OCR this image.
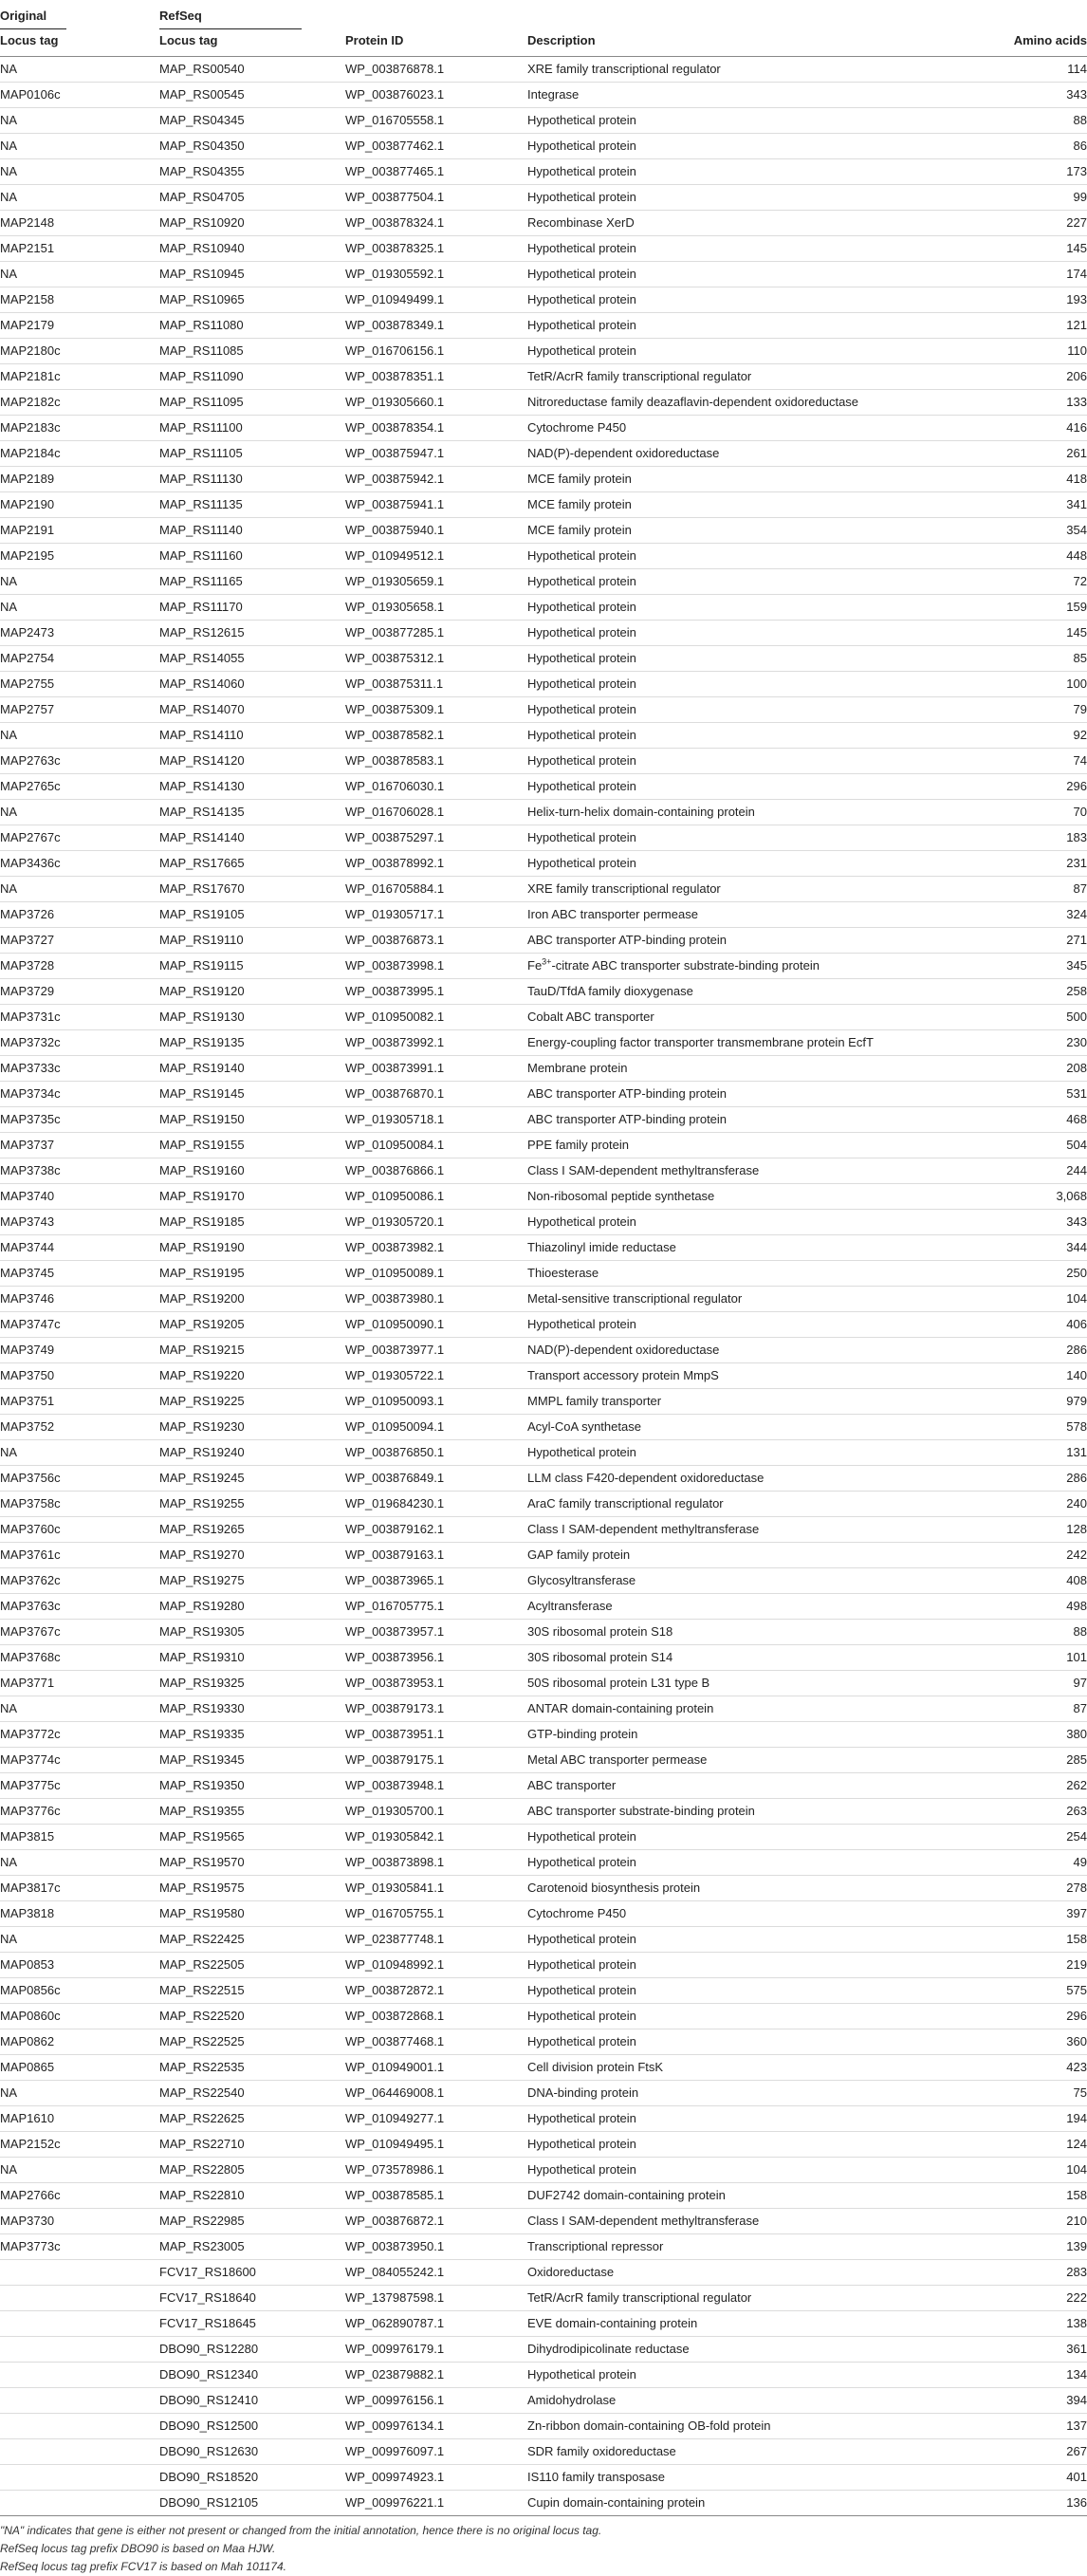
Original	RefSeq			
Locus tag	Locus tag	Protein ID	Description	Amino acids
NA	MAP_RS00540	WP_003876878.1	XRE family transcriptional regulator	114
MAP0106c	MAP_RS00545	WP_003876023.1	Integrase	343
NA	MAP_RS04345	WP_016705558.1	Hypothetical protein	88
NA	MAP_RS04350	WP_003877462.1	Hypothetical protein	86
NA	MAP_RS04355	WP_003877465.1	Hypothetical protein	173
NA	MAP_RS04705	WP_003877504.1	Hypothetical protein	99
MAP2148	MAP_RS10920	WP_003878324.1	Recombinase XerD	227
MAP2151	MAP_RS10940	WP_003878325.1	Hypothetical protein	145
NA	MAP_RS10945	WP_019305592.1	Hypothetical protein	174
MAP2158	MAP_RS10965	WP_010949499.1	Hypothetical protein	193
MAP2179	MAP_RS11080	WP_003878349.1	Hypothetical protein	121
MAP2180c	MAP_RS11085	WP_016706156.1	Hypothetical protein	110
MAP2181c	MAP_RS11090	WP_003878351.1	TetR/AcrR family transcriptional regulator	206
MAP2182c	MAP_RS11095	WP_019305660.1	Nitroreductase family deazaflavin-dependent oxidoreductase	133
MAP2183c	MAP_RS11100	WP_003878354.1	Cytochrome P450	416
MAP2184c	MAP_RS11105	WP_003875947.1	NAD(P)-dependent oxidoreductase	261
MAP2189	MAP_RS11130	WP_003875942.1	MCE family protein	418
MAP2190	MAP_RS11135	WP_003875941.1	MCE family protein	341
MAP2191	MAP_RS11140	WP_003875940.1	MCE family protein	354
MAP2195	MAP_RS11160	WP_010949512.1	Hypothetical protein	448
NA	MAP_RS11165	WP_019305659.1	Hypothetical protein	72
NA	MAP_RS11170	WP_019305658.1	Hypothetical protein	159
MAP2473	MAP_RS12615	WP_003877285.1	Hypothetical protein	145
MAP2754	MAP_RS14055	WP_003875312.1	Hypothetical protein	85
MAP2755	MAP_RS14060	WP_003875311.1	Hypothetical protein	100
MAP2757	MAP_RS14070	WP_003875309.1	Hypothetical protein	79
NA	MAP_RS14110	WP_003878582.1	Hypothetical protein	92
MAP2763c	MAP_RS14120	WP_003878583.1	Hypothetical protein	74
MAP2765c	MAP_RS14130	WP_016706030.1	Hypothetical protein	296
NA	MAP_RS14135	WP_016706028.1	Helix-turn-helix domain-containing protein	70
MAP2767c	MAP_RS14140	WP_003875297.1	Hypothetical protein	183
MAP3436c	MAP_RS17665	WP_003878992.1	Hypothetical protein	231
NA	MAP_RS17670	WP_016705884.1	XRE family transcriptional regulator	87
MAP3726	MAP_RS19105	WP_019305717.1	Iron ABC transporter permease	324
MAP3727	MAP_RS19110	WP_003876873.1	ABC transporter ATP-binding protein	271
MAP3728	MAP_RS19115	WP_003873998.1	$Fe^{3+}$-citrate ABC transporter substrate-binding protein	345
MAP3729	MAP_RS19120	WP_003873995.1	TauD/TfdA family dioxygenase	258
MAP3731c	MAP_RS19130	WP_010950082.1	Cobalt ABC transporter	500
MAP3732c	MAP_RS19135	WP_003873992.1	Energy-coupling factor transporter transmembrane protein EcfT	230
MAP3733c	MAP_RS19140	WP_003873991.1	Membrane protein	208
MAP3734c	MAP_RS19145	WP_003876870.1	ABC transporter ATP-binding protein	531
MAP3735c	MAP_RS19150	WP_019305718.1	ABC transporter ATP-binding protein	468
MAP3737	MAP_RS19155	WP_010950084.1	PPE family protein	504
MAP3738c	MAP_RS19160	WP_003876866.1	Class I SAM-dependent methyltransferase	244
MAP3740	MAP_RS19170	WP_010950086.1	Non-ribosomal peptide synthetase	3,068
MAP3743	MAP_RS19185	WP_019305720.1	Hypothetical protein	343
MAP3744	MAP_RS19190	WP_003873982.1	Thiazolinyl imide reductase	344
MAP3745	MAP_RS19195	WP_010950089.1	Thioesterase	250
MAP3746	MAP_RS19200	WP_003873980.1	Metal-sensitive transcriptional regulator	104
MAP3747c	MAP_RS19205	WP_010950090.1	Hypothetical protein	406
MAP3749	MAP_RS19215	WP_003873977.1	NAD(P)-dependent oxidoreductase	286
MAP3750	MAP_RS19220	WP_019305722.1	Transport accessory protein MmpS	140
MAP3751	MAP_RS19225	WP_010950093.1	MMPL family transporter	979
MAP3752	MAP_RS19230	WP_010950094.1	Acyl-CoA synthetase	578
NA	MAP_RS19240	WP_003876850.1	Hypothetical protein	131
MAP3756c	MAP_RS19245	WP_003876849.1	LLM class F420-dependent oxidoreductase	286
MAP3758c	MAP_RS19255	WP_019684230.1	AraC family transcriptional regulator	240
MAP3760c	MAP_RS19265	WP_003879162.1	Class I SAM-dependent methyltransferase	128
MAP3761c	MAP_RS19270	WP_003879163.1	GAP family protein	242
MAP3762c	MAP_RS19275	WP_003873965.1	Glycosyltransferase	408
MAP3763c	MAP_RS19280	WP_016705775.1	Acyltransferase	498
MAP3767c	MAP_RS19305	WP_003873957.1	30S ribosomal protein S18	88
MAP3768c	MAP_RS19310	WP_003873956.1	30S ribosomal protein S14	101
MAP3771	MAP_RS19325	WP_003873953.1	50S ribosomal protein L31 type B	97
NA	MAP_RS19330	WP_003879173.1	ANTAR domain-containing protein	87
MAP3772c	MAP_RS19335	WP_003873951.1	GTP-binding protein	380
MAP3774c	MAP_RS19345	WP_003879175.1	Metal ABC transporter permease	285
MAP3775c	MAP_RS19350	WP_003873948.1	ABC transporter	262
MAP3776c	MAP_RS19355	WP_019305700.1	ABC transporter substrate-binding protein	263
MAP3815	MAP_RS19565	WP_019305842.1	Hypothetical protein	254
NA	MAP_RS19570	WP_003873898.1	Hypothetical protein	49
MAP3817c	MAP_RS19575	WP_019305841.1	Carotenoid biosynthesis protein	278
MAP3818	MAP_RS19580	WP_016705755.1	Cytochrome P450	397
NA	MAP_RS22425	WP_023877748.1	Hypothetical protein	158
MAP0853	MAP_RS22505	WP_010948992.1	Hypothetical protein	219
MAP0856c	MAP_RS22515	WP_003872872.1	Hypothetical protein	575
MAP0860c	MAP_RS22520	WP_003872868.1	Hypothetical protein	296
MAP0862	MAP_RS22525	WP_003877468.1	Hypothetical protein	360
MAP0865	MAP_RS22535	WP_010949001.1	Cell division protein FtsK	423
NA	MAP_RS22540	WP_064469008.1	DNA-binding protein	75
MAP1610	MAP_RS22625	WP_010949277.1	Hypothetical protein	194
MAP2152c	MAP_RS22710	WP_010949495.1	Hypothetical protein	124
NA	MAP_RS22805	WP_073578986.1	Hypothetical protein	104
MAP2766c	MAP_RS22810	WP_003878585.1	DUF2742 domain-containing protein	158
MAP3730	MAP_RS22985	WP_003876872.1	Class I SAM-dependent methyltransferase	210
MAP3773c	MAP_RS23005	WP_003873950.1	Transcriptional repressor	139
	FCV17_RS18600	WP_084055242.1	Oxidoreductase	283
	FCV17_RS18640	WP_137987598.1	TetR/AcrR family transcriptional regulator	222
	FCV17_RS18645	WP_062890787.1	EVE domain-containing protein	138
	DBO90_RS12280	WP_009976179.1	Dihydrodipicolinate reductase	361
	DBO90_RS12340	WP_023879882.1	Hypothetical protein	134
	DBO90_RS12410	WP_009976156.1	Amidohydrolase	394
	DBO90_RS12500	WP_009976134.1	Zn-ribbon domain-containing OB-fold protein	137
	DBO90_RS12630	WP_009976097.1	SDR family oxidoreductase	267
	DBO90_RS18520	WP_009974923.1	IS110 family transposase	401
	DBO90_RS12105	WP_009976221.1	Cupin domain-containing protein	136
"NA" indicates that gene is either not present or changed from the initial annotation, hence there is no original locus tag.
RefSeq locus tag prefix DBO90 is based on Maa HJW.
RefSeq locus tag prefix FCV17 is based on Mah 101174.
